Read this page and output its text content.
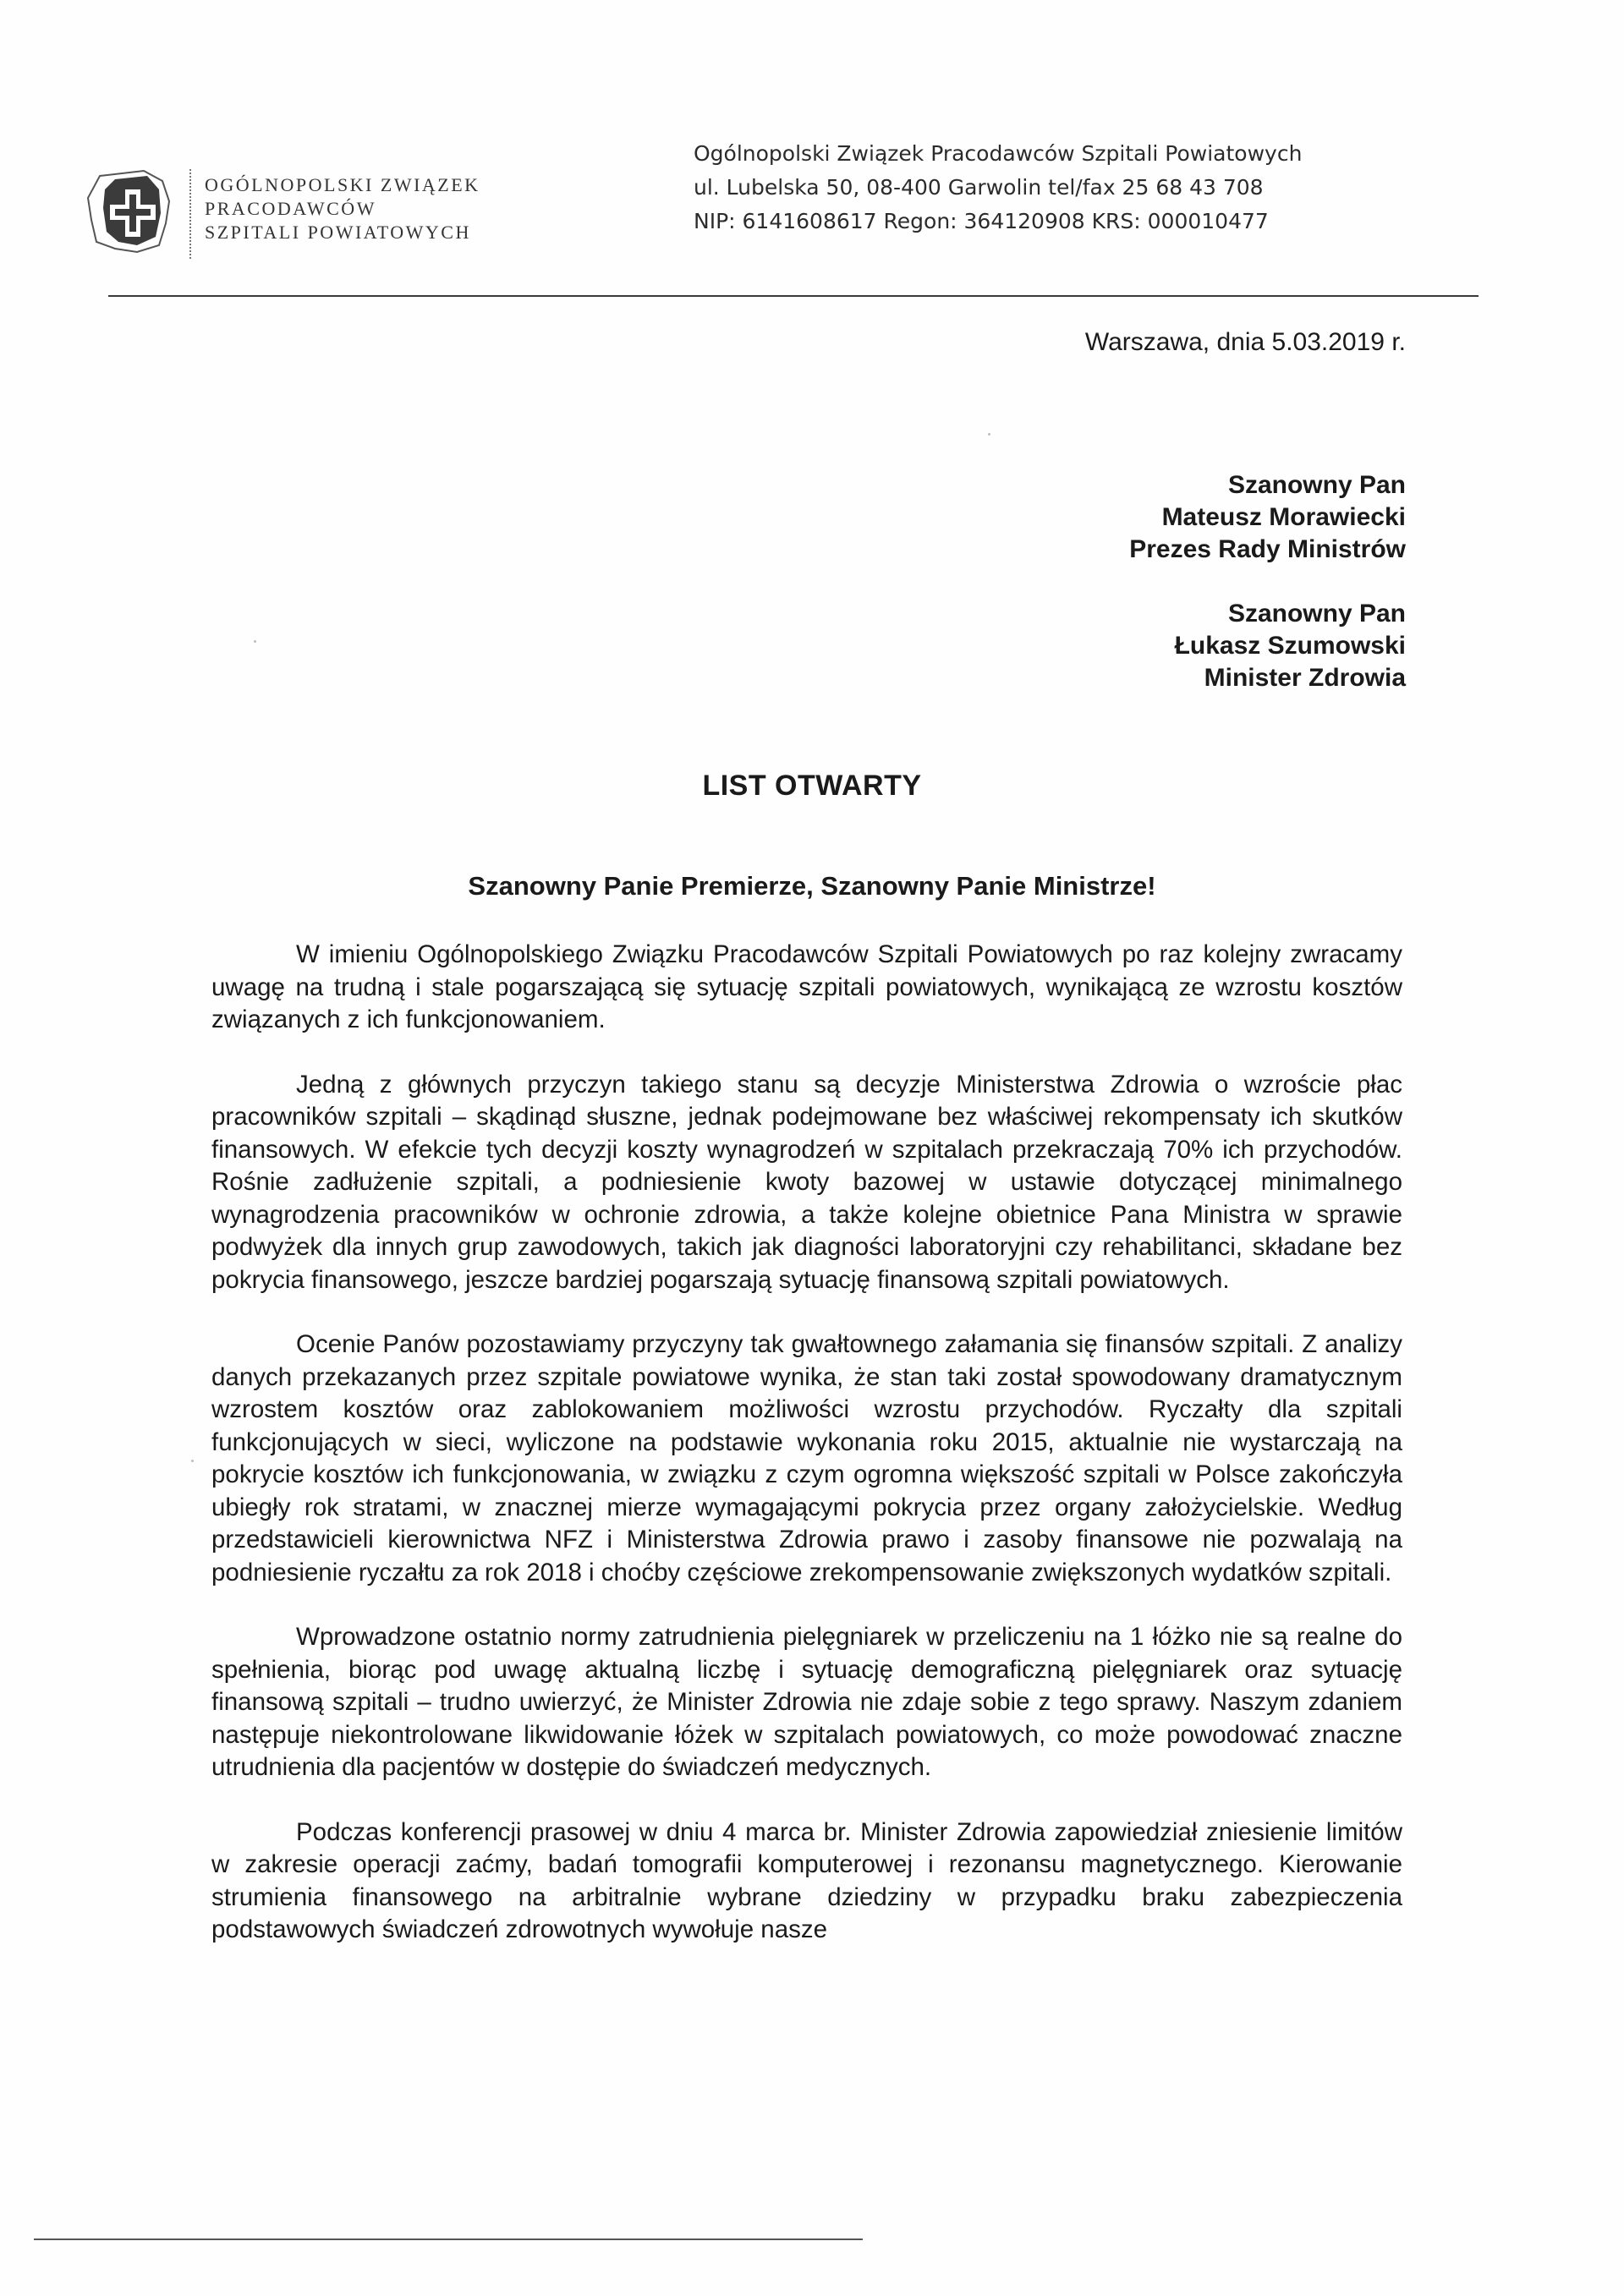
OGÓLNOPOLSKI ZWIĄZEK
PRACODAWCÓW
SZPITALI POWIATOWYCH
Ogólnopolski Związek Pracodawców Szpitali Powiatowych
ul. Lubelska 50, 08-400 Garwolin tel/fax 25 68 43 708
NIP: 6141608617 Regon: 364120908 KRS: 000010477
Warszawa, dnia 5.03.2019 r.
Szanowny Pan
Mateusz Morawiecki
Prezes Rady Ministrów
Szanowny Pan
Łukasz Szumowski
Minister Zdrowia
LIST OTWARTY
Szanowny Panie Premierze, Szanowny Panie Ministrze!

W imieniu Ogólnopolskiego Związku Pracodawców Szpitali Powiatowych po raz kolejny zwracamy uwagę na trudną i stale pogarszającą się sytuację szpitali powiatowych, wynikającą ze wzrostu kosztów związanych z ich funkcjonowaniem.

Jedną z głównych przyczyn takiego stanu są decyzje Ministerstwa Zdrowia o wzroście płac pracowników szpitali – skądinąd słuszne, jednak podejmowane bez właściwej rekompensaty ich skutków finansowych. W efekcie tych decyzji koszty wynagrodzeń w szpitalach przekraczają 70% ich przychodów. Rośnie zadłużenie szpitali, a podniesienie kwoty bazowej w ustawie dotyczącej minimalnego wynagrodzenia pracowników w ochronie zdrowia, a także kolejne obietnice Pana Ministra w sprawie podwyżek dla innych grup zawodowych, takich jak diagności laboratoryjni czy rehabilitanci, składane bez pokrycia finansowego, jeszcze bardziej pogarszają sytuację finansową szpitali powiatowych.

Ocenie Panów pozostawiamy przyczyny tak gwałtownego załamania się finansów szpitali. Z analizy danych przekazanych przez szpitale powiatowe wynika, że stan taki został spowodowany dramatycznym wzrostem kosztów oraz zablokowaniem możliwości wzrostu przychodów. Ryczałty dla szpitali funkcjonujących w sieci, wyliczone na podstawie wykonania roku 2015, aktualnie nie wystarczają na pokrycie kosztów ich funkcjonowania, w związku z czym ogromna większość szpitali w Polsce zakończyła ubiegły rok stratami, w znacznej mierze wymagającymi pokrycia przez organy założycielskie. Według przedstawicieli kierownictwa NFZ i Ministerstwa Zdrowia prawo i zasoby finansowe nie pozwalają na podniesienie ryczałtu za rok 2018 i choćby częściowe zrekompensowanie zwiększonych wydatków szpitali.

Wprowadzone ostatnio normy zatrudnienia pielęgniarek w przeliczeniu na 1 łóżko nie są realne do spełnienia, biorąc pod uwagę aktualną liczbę i sytuację demograficzną pielęgniarek oraz sytuację finansową szpitali – trudno uwierzyć, że Minister Zdrowia nie zdaje sobie z tego sprawy. Naszym zdaniem następuje niekontrolowane likwidowanie łóżek w szpitalach powiatowych, co może powodować znaczne utrudnienia dla pacjentów w dostępie do świadczeń medycznych.

Podczas konferencji prasowej w dniu 4 marca br. Minister Zdrowia zapowiedział zniesienie limitów w zakresie operacji zaćmy, badań tomografii komputerowej i rezonansu magnetycznego. Kierowanie strumienia finansowego na arbitralnie wybrane dziedziny w przypadku braku zabezpieczenia podstawowych świadczeń zdrowotnych wywołuje nasze
